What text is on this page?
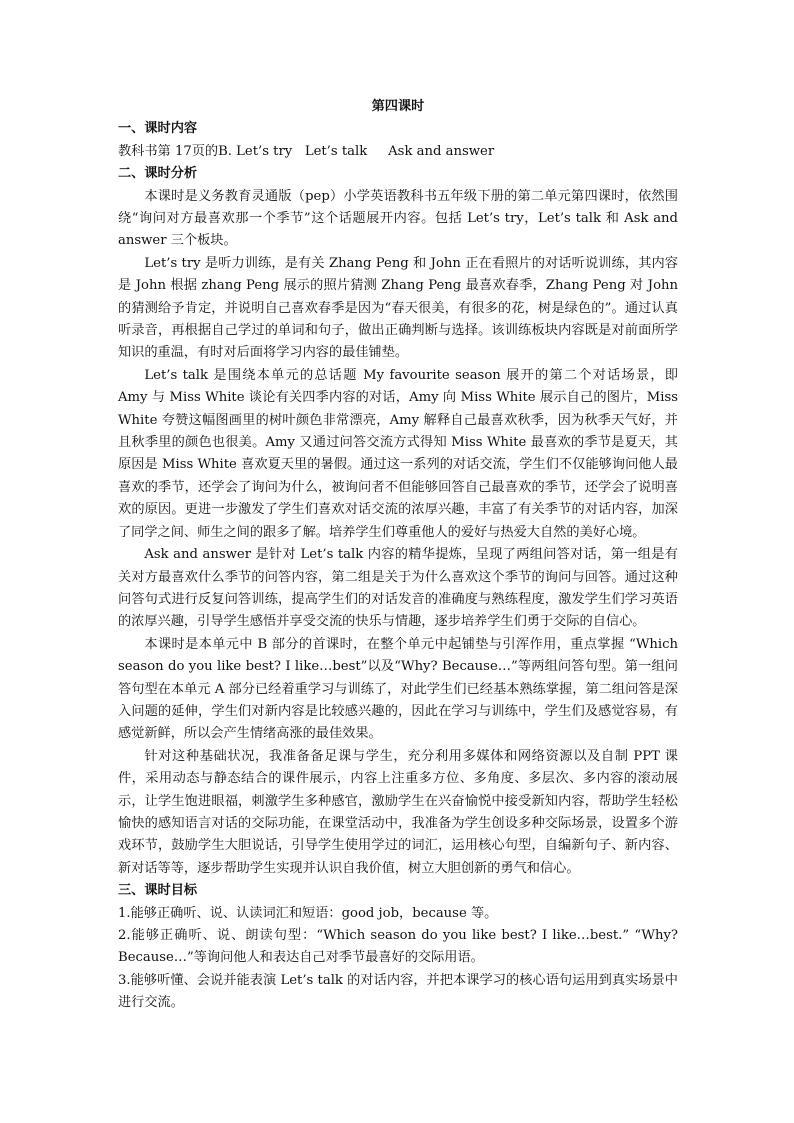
第四课时

一、课时内容

教科书第 17页的B. Let’s try   Let’s talk     Ask and answer

二、课时分析

本课时是义务教育灵通版（pep）小学英语教科书五年级下册的第二单元第四课时，依然围绕“询问对方最喜欢那一个季节”这个话题展开内容。包括 Let’s try，Let’s talk 和 Ask and answer 三个板块。

Let’s try 是听力训练，是有关 Zhang Peng 和 John 正在看照片的对话听说训练，其内容是 John 根据 zhang Peng 展示的照片猜测 Zhang Peng 最喜欢春季，Zhang Peng 对 John 的猜测给予肯定，并说明自己喜欢春季是因为“春天很美，有很多的花，树是绿色的”。通过认真听录音，再根据自己学过的单词和句子，做出正确判断与选择。该训练板块内容既是对前面所学知识的重温，有时对后面将学习内容的最佳铺垫。

Let’s talk 是围绕本单元的总话题 My favourite season 展开的第二个对话场景，即 Amy 与 Miss White 谈论有关四季内容的对话，Amy 向 Miss White 展示自己的图片，Miss White 夸赞这幅图画里的树叶颜色非常漂亮，Amy 解释自己最喜欢秋季，因为秋季天气好，并且秋季里的颜色也很美。Amy 又通过问答交流方式得知 Miss White 最喜欢的季节是夏天，其原因是 Miss White 喜欢夏天里的暑假。通过这一系列的对话交流，学生们不仅能够询问他人最喜欢的季节，还学会了询问为什么，被询问者不但能够回答自己最喜欢的季节，还学会了说明喜欢的原因。更进一步激发了学生们喜欢对话交流的浓厚兴趣，丰富了有关季节的对话内容，加深了同学之间、师生之间的跟多了解。培养学生们尊重他人的爱好与热爱大自然的美好心境。

Ask and answer 是针对 Let’s talk 内容的精华提炼，呈现了两组问答对话，第一组是有关对方最喜欢什么季节的问答内容，第二组是关于为什么喜欢这个季节的询问与回答。通过这种问答句式进行反复问答训练，提高学生们的对话发音的准确度与熟练程度，激发学生们学习英语的浓厚兴趣，引导学生感悟并享受交流的快乐与情趣，逐步培养学生们勇于交际的自信心。

本课时是本单元中 B 部分的首课时，在整个单元中起铺垫与引浑作用，重点掌握 “Which season do you like best? I like…best”以及“Why? Because…”等两组问答句型。第一组问答句型在本单元 A 部分已经着重学习与训练了，对此学生们已经基本熟练掌握，第二组问答是深入问题的延伸，学生们对新内容是比较感兴趣的，因此在学习与训练中，学生们及感觉容易，有感觉新鲜，所以会产生情绪高涨的最佳效果。

针对这种基础状况，我准备备足课与学生，充分利用多媒体和网络资源以及自制 PPT 课件，采用动态与静态结合的课件展示，内容上注重多方位、多角度、多层次、多内容的滚动展示，让学生饱进眼福，刺激学生多种感官，激励学生在兴奋愉悦中接受新知内容，帮助学生轻松愉快的感知语言对话的交际功能，在课堂活动中，我准备为学生创设多种交际场景，设置多个游戏环节，鼓励学生大胆说话，引导学生使用学过的词汇，运用核心句型，自编新句子、新内容、新对话等等，逐步帮助学生实现并认识自我价值，树立大胆创新的勇气和信心。

三、课时目标

1.能够正确听、说、认读词汇和短语：good job，because 等。

2.能够正确听、说、朗读句型：“Which season do you like best? I like…best.” “Why? Because…”等询问他人和表达自己对季节最喜好的交际用语。

3.能够听懂、会说并能表演 Let’s talk 的对话内容，并把本课学习的核心语句运用到真实场景中进行交流。
